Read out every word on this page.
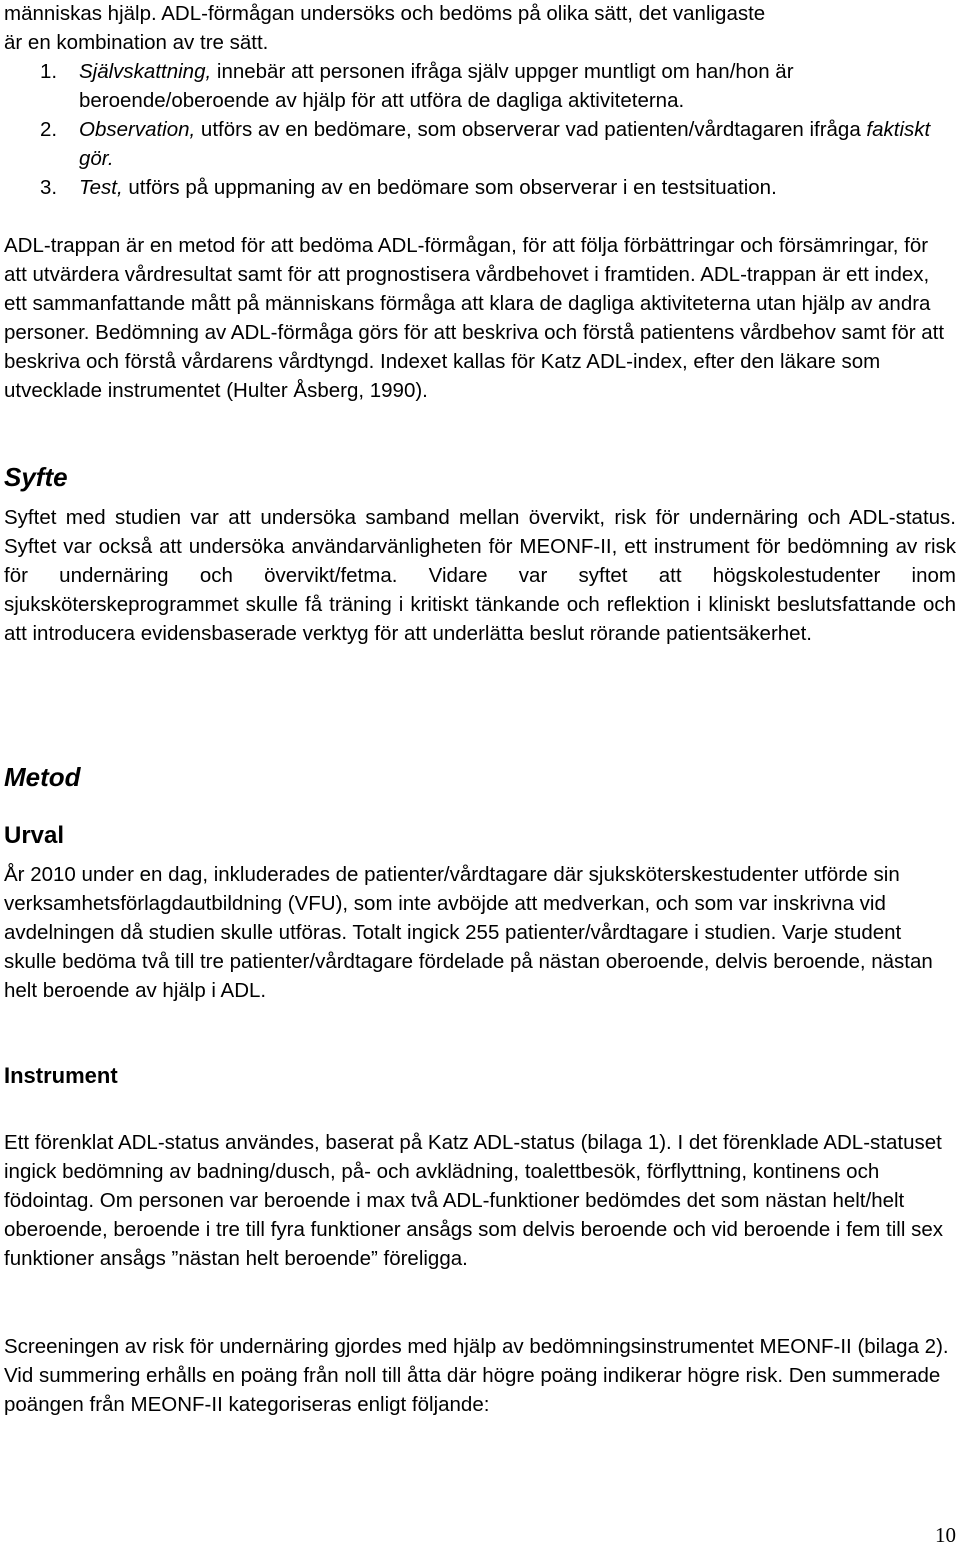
människas hjälp. ADL-förmågan undersöks och bedöms på olika sätt, det vanligaste
är en kombination av tre sätt.
1. Självskattning, innebär att personen ifråga själv uppger muntligt om han/hon är beroende/oberoende av hjälp för att utföra de dagliga aktiviteterna.
2. Observation, utförs av en bedömare, som observerar vad patienten/vårdtagaren ifråga faktiskt gör.
3. Test, utförs på uppmaning av en bedömare som observerar i en testsituation.
ADL-trappan är en metod för att bedöma ADL-förmågan, för att följa förbättringar och försämringar, för att utvärdera vårdresultat samt för att prognostisera vårdbehovet i framtiden. ADL-trappan är ett index, ett sammanfattande mått på människans förmåga att klara de dagliga aktiviteterna utan hjälp av andra personer. Bedömning av ADL-förmåga görs för att beskriva och förstå patientens vårdbehov samt för att beskriva och förstå vårdarens vårdtyngd. Indexet kallas för Katz ADL-index, efter den läkare som utvecklade instrumentet (Hulter Åsberg, 1990).
Syfte
Syftet med studien var att undersöka samband mellan övervikt, risk för undernäring och ADL-status. Syftet var också att undersöka användarvänligheten för MEONF-II, ett instrument för bedömning av risk för undernäring och övervikt/fetma. Vidare var syftet att högskolestudenter inom sjuksköterskeprogrammet skulle få träning i kritiskt tänkande och reflektion i kliniskt beslutsfattande och att introducera evidensbaserade verktyg för att underlätta beslut rörande patientsäkerhet.
Metod
Urval
År 2010 under en dag, inkluderades de patienter/vårdtagare där sjuksköterskestudenter utförde sin verksamhetsförlagdautbildning (VFU), som inte avböjde att medverkan, och som var inskrivna vid avdelningen då studien skulle utföras. Totalt ingick 255 patienter/vårdtagare i studien. Varje student skulle bedöma två till tre patienter/vårdtagare fördelade på nästan oberoende, delvis beroende, nästan helt beroende av hjälp i ADL.
Instrument
Ett förenklat ADL-status användes, baserat på Katz ADL-status (bilaga 1). I det förenklade ADL-statuset ingick bedömning av badning/dusch, på- och avklädning, toalettbesök, förflyttning, kontinens och födointag. Om personen var beroende i max två ADL-funktioner bedömdes det som nästan helt/helt oberoende, beroende i tre till fyra funktioner ansågs som delvis beroende och vid beroende i fem till sex funktioner ansågs ”nästan helt beroende” föreligga.
Screeningen av risk för undernäring gjordes med hjälp av bedömningsinstrumentet MEONF-II (bilaga 2). Vid summering erhålls en poäng från noll till åtta där högre poäng indikerar högre risk. Den summerade poängen från MEONF-II kategoriseras enligt följande:
10
